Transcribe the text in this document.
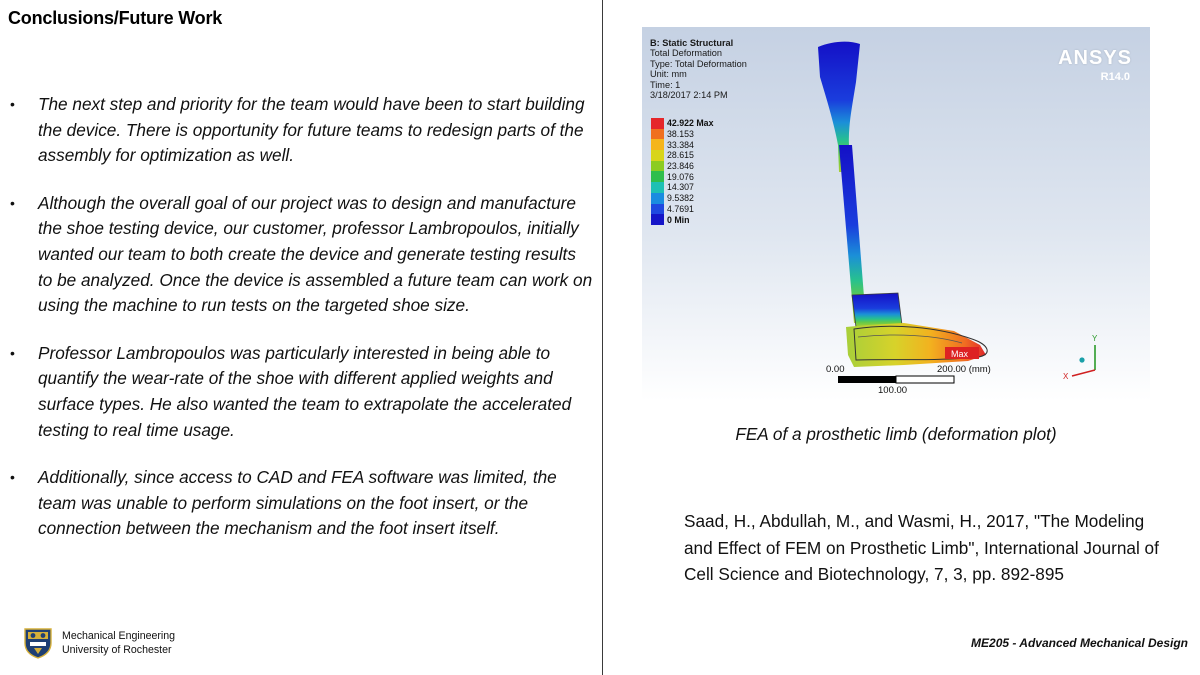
Conclusions/Future Work
• The next step and priority for the team would have been to start building the device. There is opportunity for future teams to redesign parts of the assembly for optimization as well.
• Although the overall goal of our project was to design and manufacture the shoe testing device, our customer, professor Lambropoulos, initially wanted our team to both create the device and generate testing results to be analyzed. Once the device is assembled a future team can work on using the machine to run tests on the targeted shoe size.
• Professor Lambropoulos was particularly interested in being able to quantify the wear-rate of the shoe with different applied weights and surface types. He also wanted the team to extrapolate the accelerated testing to real time usage.
• Additionally, since access to CAD and FEA software was limited, the team was unable to perform simulations on the foot insert, or the connection between the mechanism and the foot insert itself.
Mechanical Engineering
University of Rochester
Max
Y
X
B: Static Structural
Total Deformation
Type: Total Deformation
Unit: mm
Time: 1
3/18/2017 2:14 PM
42.922 Max
38.153
33.384
28.615
23.846
19.076
14.307
9.5382
4.7691
0 Min
ANSYS
R14.0
0.00	200.00 (mm)
100.00
FEA of a prosthetic limb (deformation plot)
Saad, H., Abdullah, M., and Wasmi, H., 2017, "The Modeling and Effect of FEM on Prosthetic Limb", International Journal of Cell Science and Biotechnology, 7, 3, pp. 892-895
ME205 - Advanced Mechanical Design
